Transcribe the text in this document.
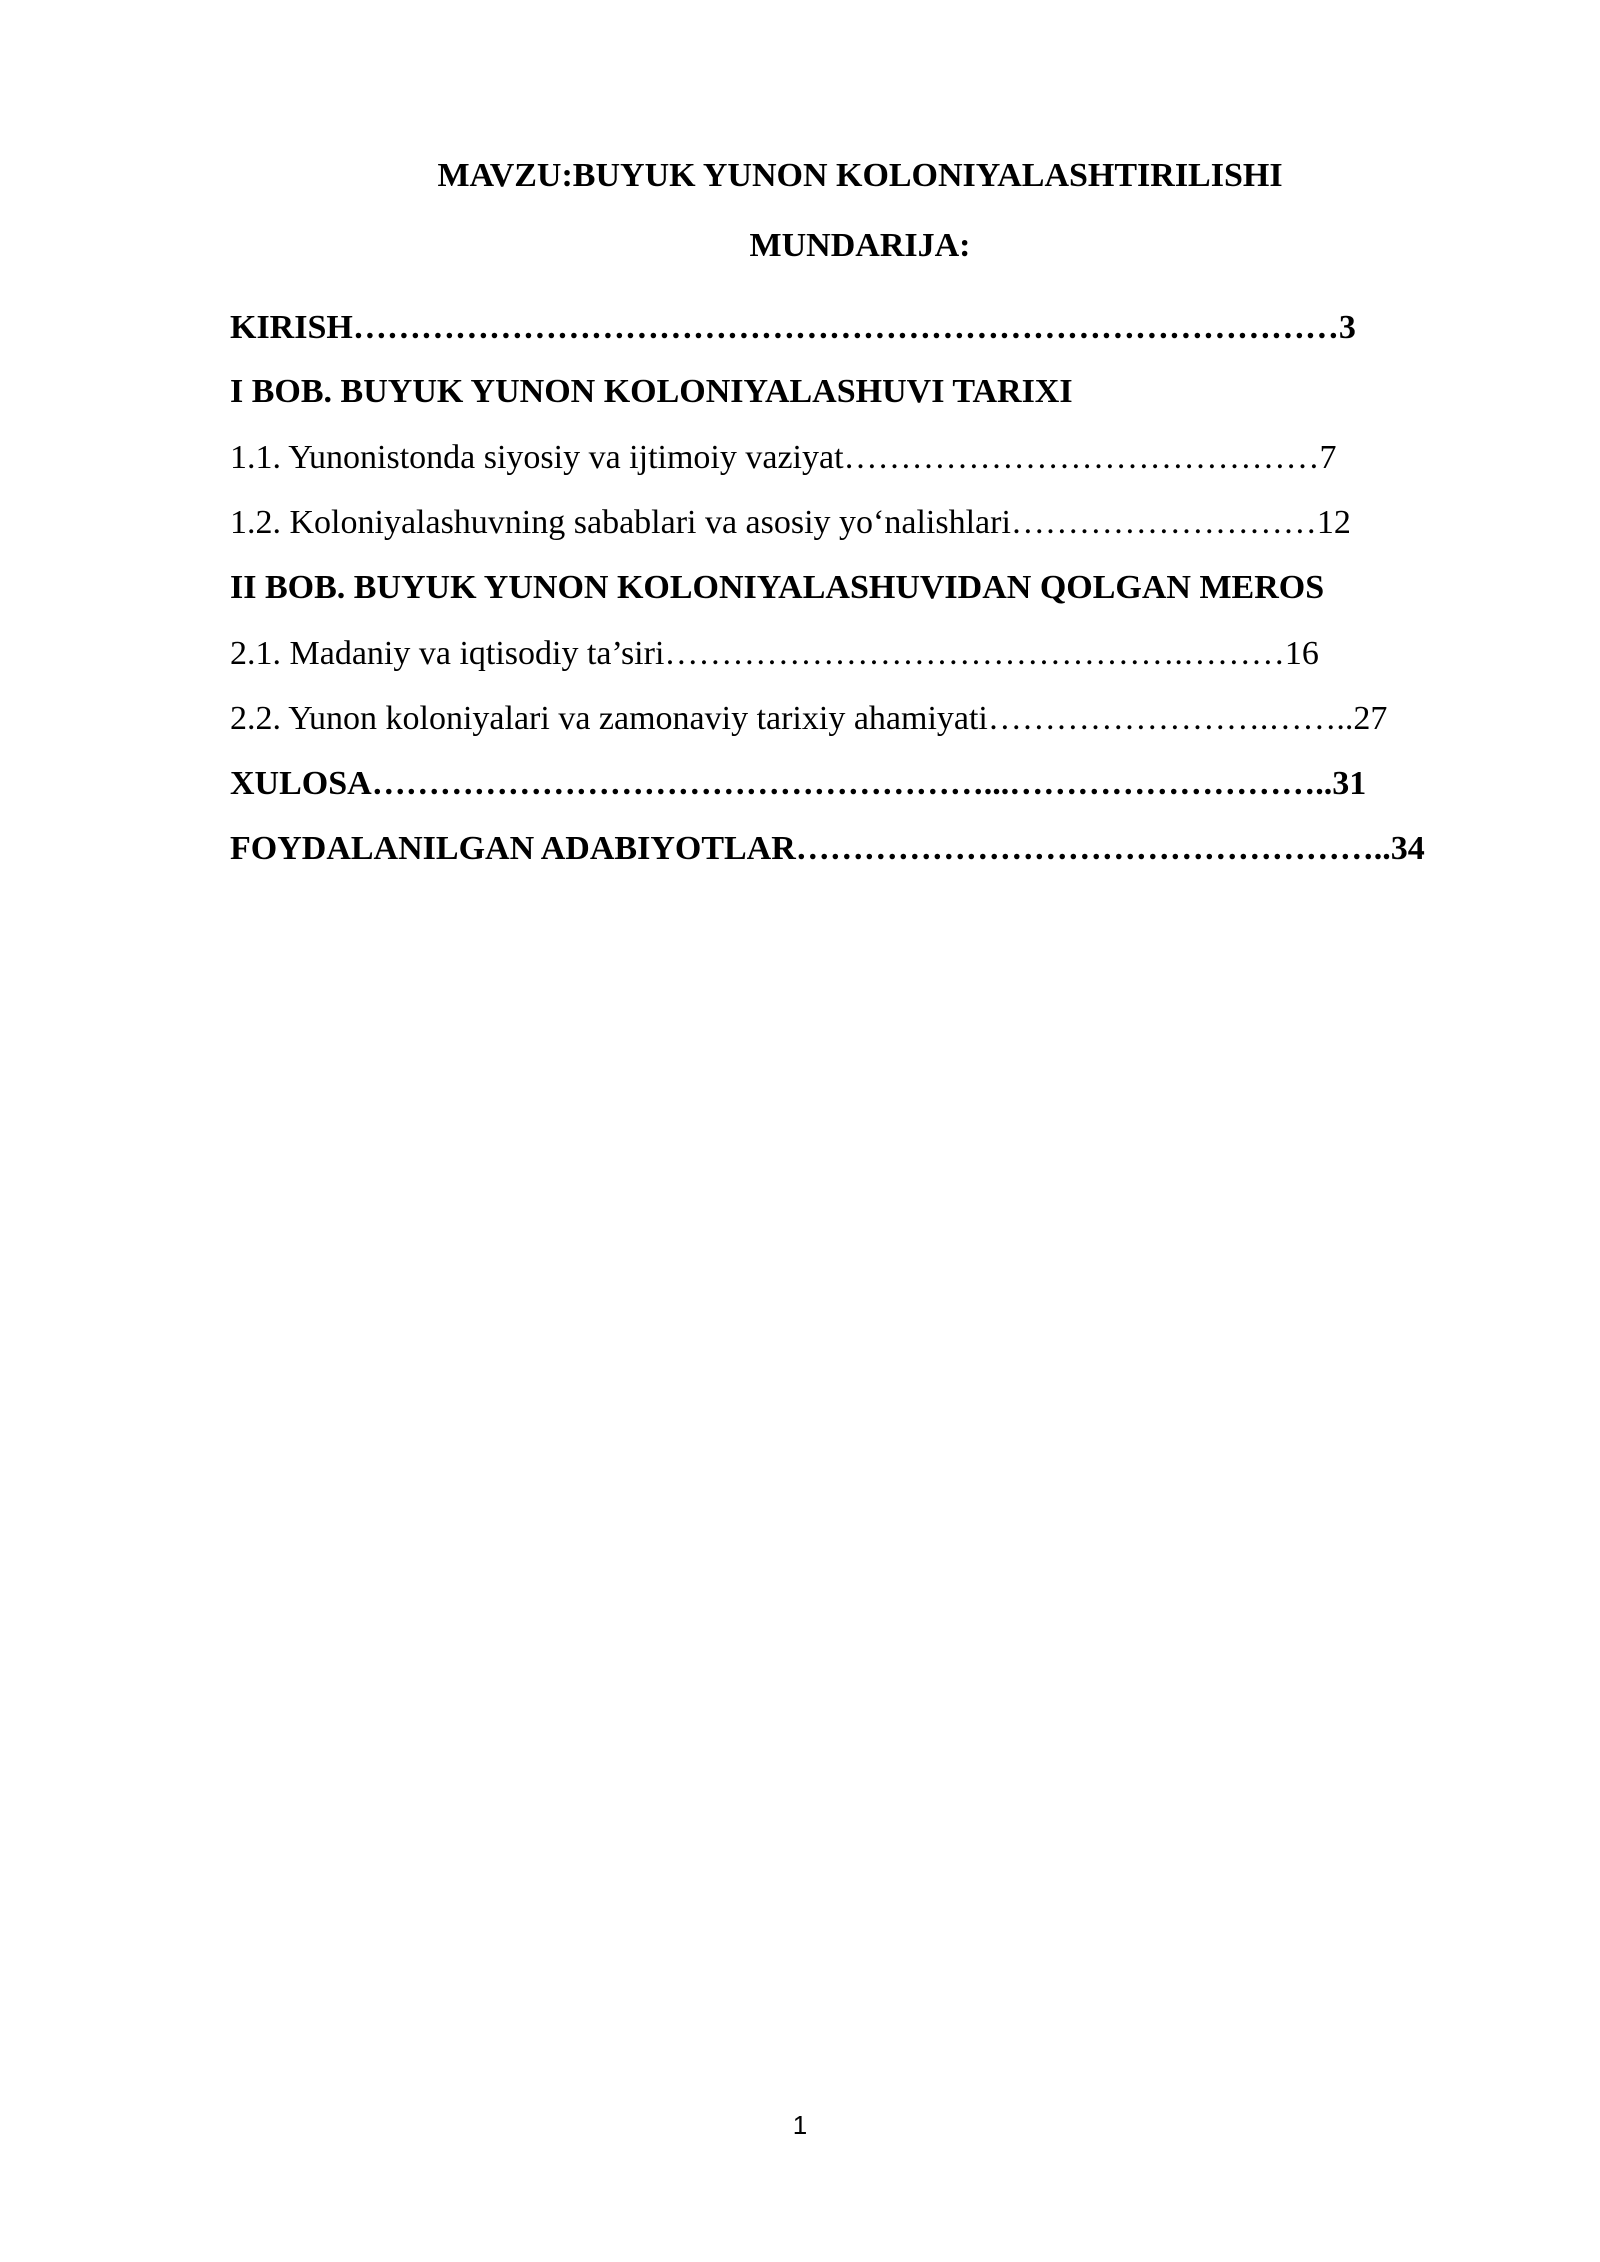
MAVZU:BUYUK YUNON KOLONIYALASHTIRILISHI
MUNDARIJA:
KIRISH……………………………………………………………………………3
I BOB. BUYUK YUNON KOLONIYALASHUVI TARIXI
1.1. Yunonistonda siyosiy va ijtimoiy vaziyat……………………………………7
1.2. Koloniyalashuvning sabablari va asosiy yo‘nalishlari………………………12
II BOB. BUYUK YUNON KOLONIYALASHUVIDAN QOLGAN MEROS
2.1. Madaniy va iqtisodiy ta’siri……………………………………….………16
2.2. Yunon koloniyalari va zamonaviy tarixiy ahamiyati…………………….……..27
XULOSA………………………………………………...………………………..31
FOYDALANILGAN ADABIYOTLAR……………………………………………..34
1
